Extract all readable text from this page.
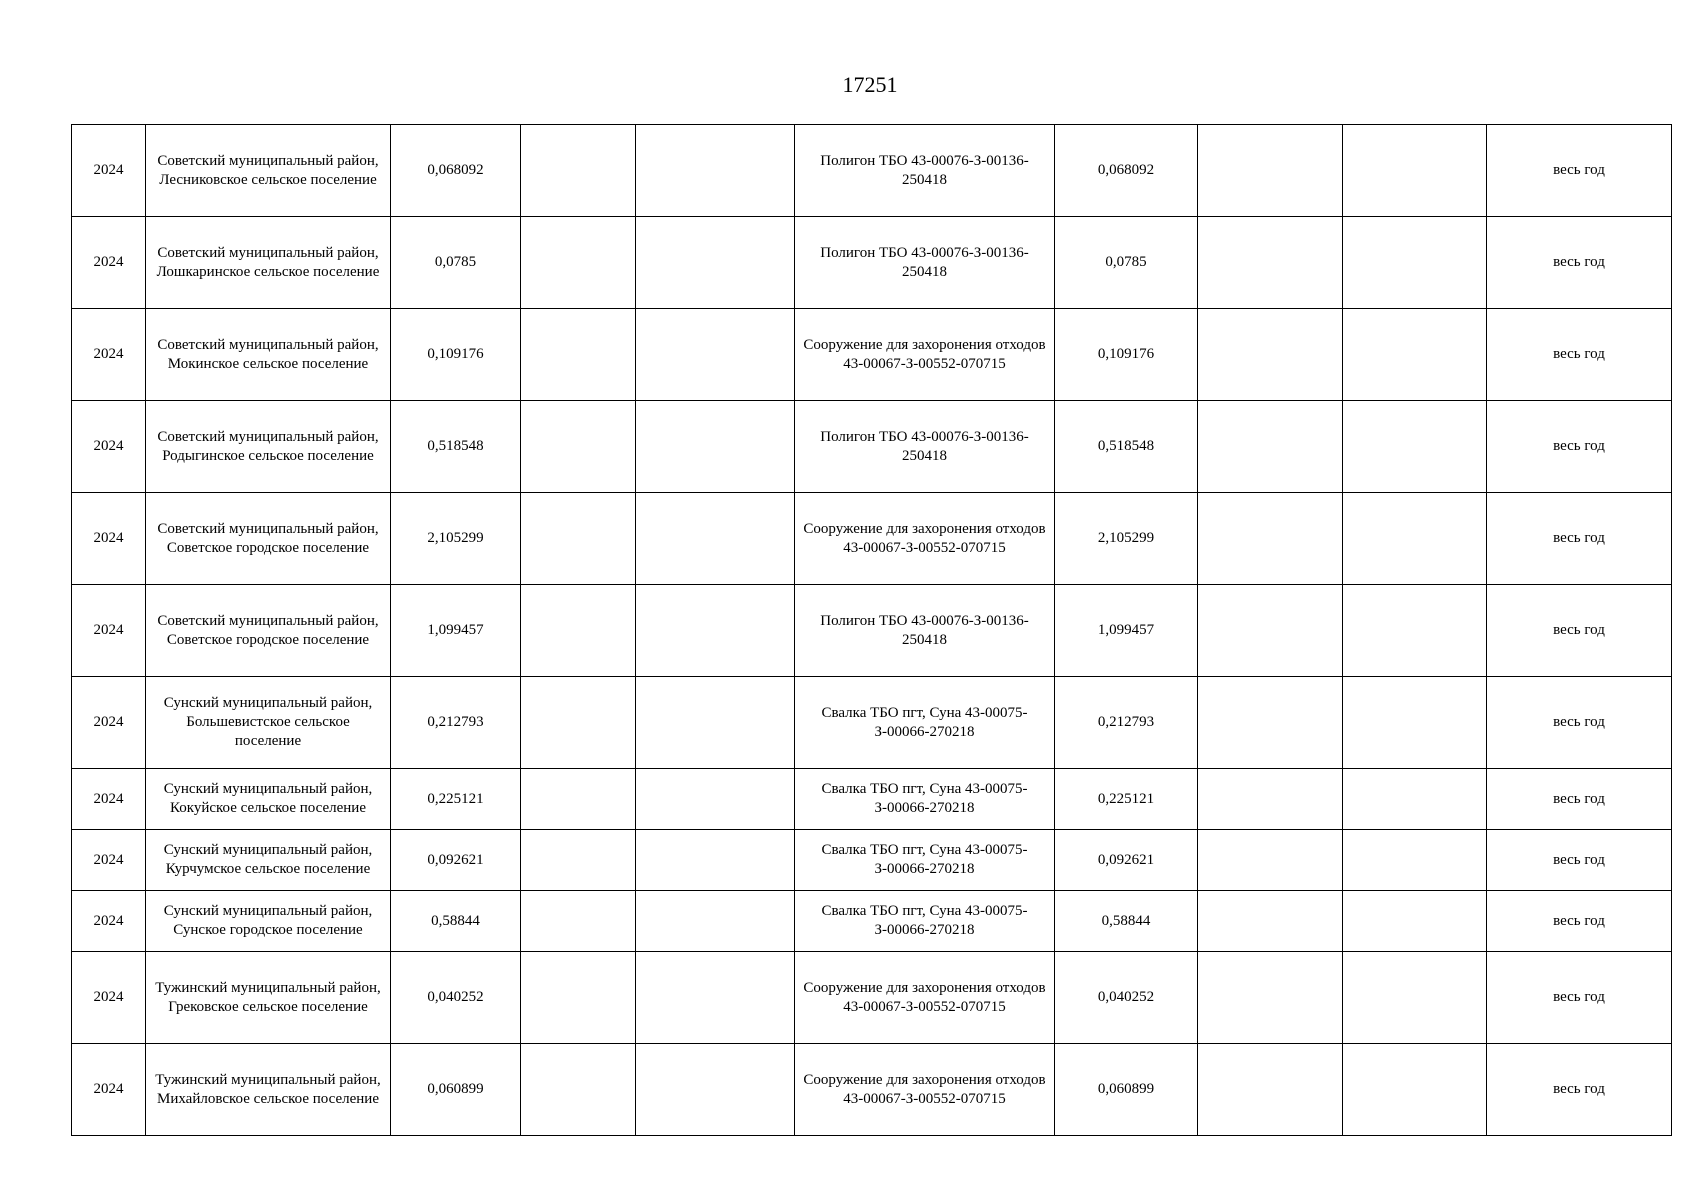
17251
2024	Советский муниципальный район, Лесниковское сельское поселение	0,068092			Полигон ТБО 43-00076-З-00136-250418	0,068092			весь год
2024	Советский муниципальный район, Лошкаринское сельское поселение	0,0785			Полигон ТБО 43-00076-З-00136-250418	0,0785			весь год
2024	Советский муниципальный район, Мокинское сельское поселение	0,109176			Сооружение для захоронения отходов 43-00067-З-00552-070715	0,109176			весь год
2024	Советский муниципальный район, Родыгинское сельское поселение	0,518548			Полигон ТБО 43-00076-З-00136-250418	0,518548			весь год
2024	Советский муниципальный район, Советское городское поселение	2,105299			Сооружение для захоронения отходов 43-00067-З-00552-070715	2,105299			весь год
2024	Советский муниципальный район, Советское городское поселение	1,099457			Полигон ТБО 43-00076-З-00136-250418	1,099457			весь год
2024	Сунский муниципальный район, Большевистское сельское поселение	0,212793			Свалка ТБО пгт, Суна 43-00075-З-00066-270218	0,212793			весь год
2024	Сунский муниципальный район, Кокуйское сельское поселение	0,225121			Свалка ТБО пгт, Суна 43-00075-З-00066-270218	0,225121			весь год
2024	Сунский муниципальный район, Курчумское сельское поселение	0,092621			Свалка ТБО пгт, Суна 43-00075-З-00066-270218	0,092621			весь год
2024	Сунский муниципальный район, Сунское городское поселение	0,58844			Свалка ТБО пгт, Суна 43-00075-З-00066-270218	0,58844			весь год
2024	Тужинский муниципальный район, Грековское сельское поселение	0,040252			Сооружение для захоронения отходов 43-00067-З-00552-070715	0,040252			весь год
2024	Тужинский муниципальный район, Михайловское сельское поселение	0,060899			Сооружение для захоронения отходов 43-00067-З-00552-070715	0,060899			весь год
